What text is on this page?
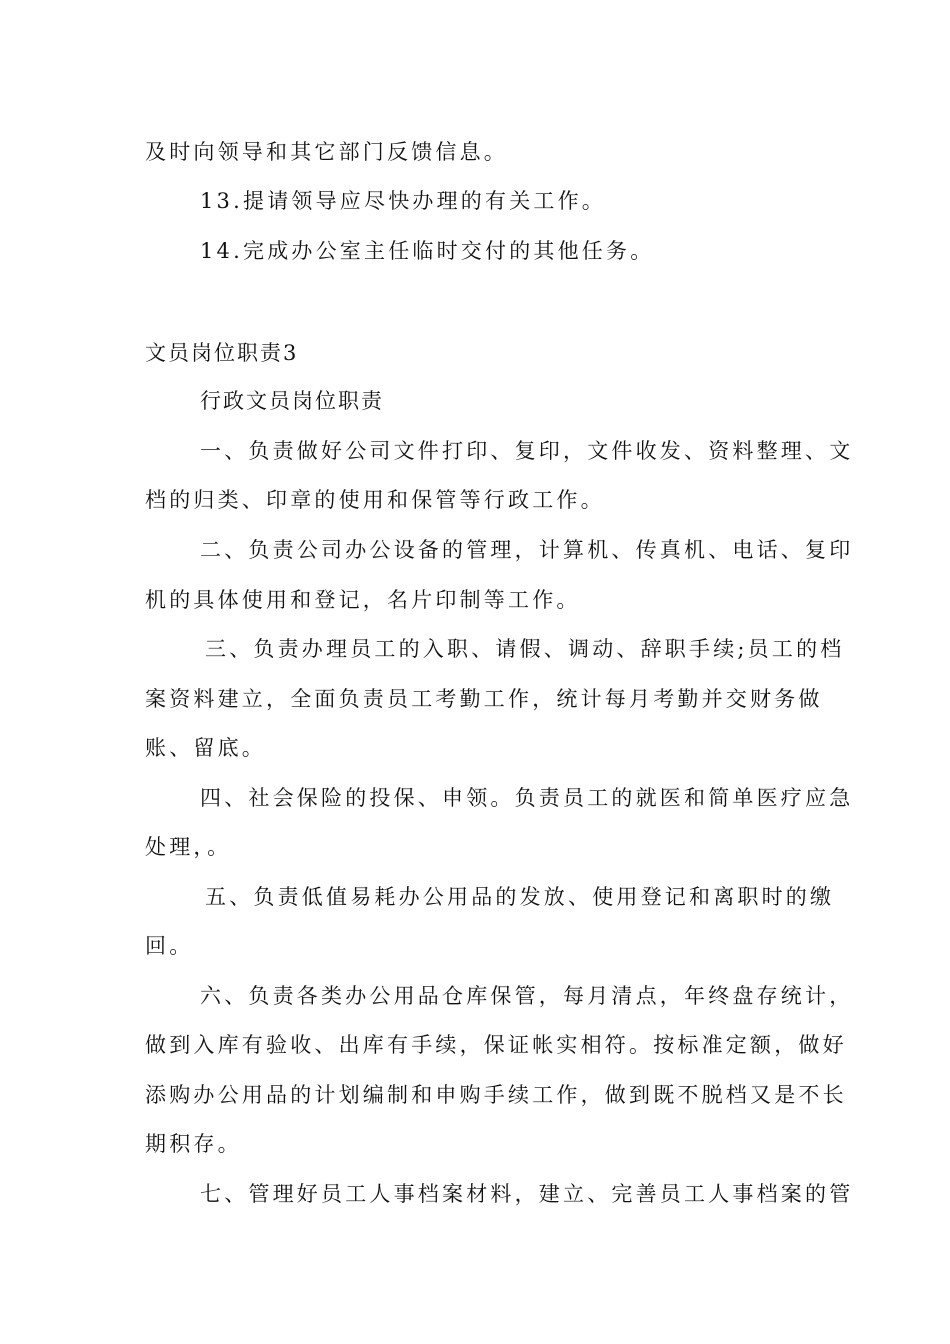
及时向领导和其它部门反馈信息。
13.提请领导应尽快办理的有关工作。
14.完成办公室主任临时交付的其他任务。
文员岗位职责3
行政文员岗位职责
一、负责做好公司文件打印、复印，文件收发、资料整理、文
档的归类、印章的使用和保管等行政工作。
二、负责公司办公设备的管理，计算机、传真机、电话、复印
机的具体使用和登记，名片印制等工作。
三、负责办理员工的入职、请假、调动、辞职手续;员工的档
案资料建立，全面负责员工考勤工作，统计每月考勤并交财务做
账、留底。
四、社会保险的投保、申领。负责员工的就医和简单医疗应急
处理，。
五、负责低值易耗办公用品的发放、使用登记和离职时的缴
回。
六、负责各类办公用品仓库保管，每月清点，年终盘存统计，
做到入库有验收、出库有手续，保证帐实相符。按标准定额，做好
添购办公用品的计划编制和申购手续工作，做到既不脱档又是不长
期积存。
七、管理好员工人事档案材料，建立、完善员工人事档案的管
